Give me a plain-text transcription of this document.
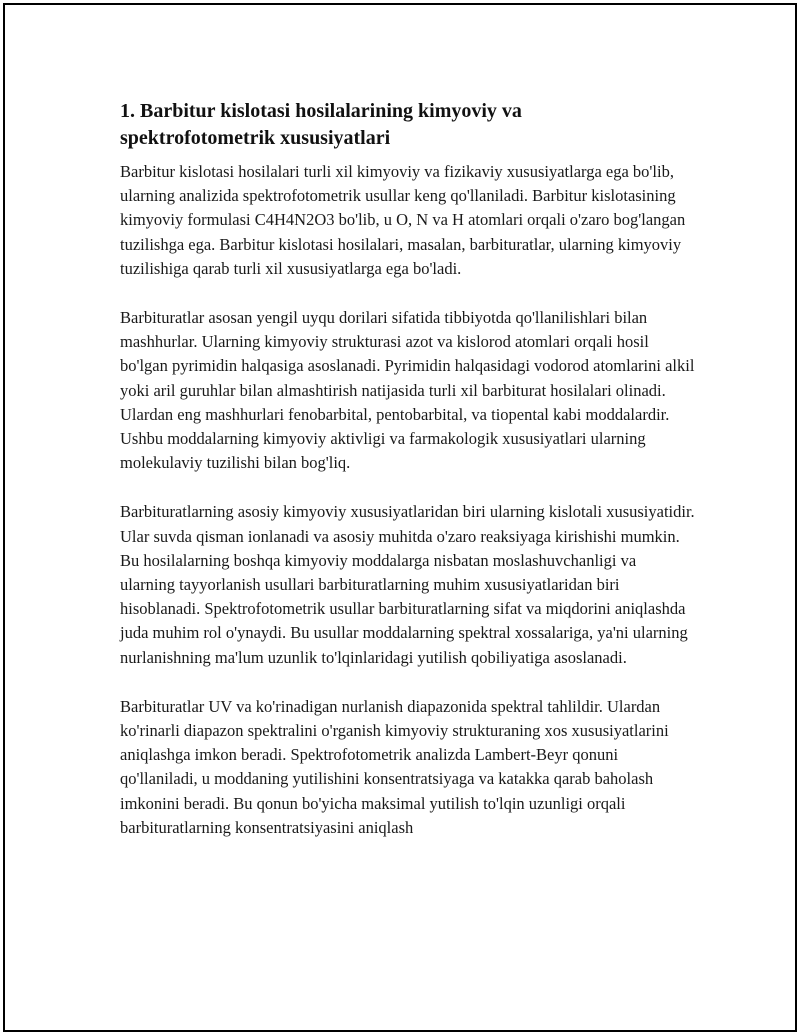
1. Barbitur kislotasi hosilalarining kimyoviy va spektrofotometrik xususiyatlari

Barbitur kislotasi hosilalari turli xil kimyoviy va fizikaviy xususiyatlarga ega bo'lib, ularning analizida spektrofotometrik usullar keng qo'llaniladi. Barbitur kislotasining kimyoviy formulasi C4H4N2O3 bo'lib, u O, N va H atomlari orqali o'zaro bog'langan tuzilishga ega. Barbitur kislotasi hosilalari, masalan, barbituratlar, ularning kimyoviy tuzilishiga qarab turli xil xususiyatlarga ega bo'ladi.

Barbituratlar asosan yengil uyqu dorilari sifatida tibbiyotda qo'llanilishlari bilan mashhurlar. Ularning kimyoviy strukturasi azot va kislorod atomlari orqali hosil bo'lgan pyrimidin halqasiga asoslanadi. Pyrimidin halqasidagi vodorod atomlarini alkil yoki aril guruhlar bilan almashtirish natijasida turli xil barbiturat hosilalari olinadi. Ulardan eng mashhurlari fenobarbital, pentobarbital, va tiopental kabi moddalardir. Ushbu moddalarning kimyoviy aktivligi va farmakologik xususiyatlari ularning molekulaviy tuzilishi bilan bog'liq.

Barbituratlarning asosiy kimyoviy xususiyatlaridan biri ularning kislotali xususiyatidir. Ular suvda qisman ionlanadi va asosiy muhitda o'zaro reaksiyaga kirishishi mumkin. Bu hosilalarning boshqa kimyoviy moddalarga nisbatan moslashuvchanligi va ularning tayyorlanish usullari barbituratlarning muhim xususiyatlaridan biri hisoblanadi. Spektrofotometrik usullar barbituratlarning sifat va miqdorini aniqlashda juda muhim rol o'ynaydi. Bu usullar moddalarning spektral xossalariga, ya'ni ularning nurlanishning ma'lum uzunlik to'lqinlaridagi yutilish qobiliyatiga asoslanadi.

Barbituratlar UV va ko'rinadigan nurlanish diapazonida spektral tahlildir. Ulardan ko'rinarli diapazon spektralini o'rganish kimyoviy strukturaning xos xususiyatlarini aniqlashga imkon beradi. Spektrofotometrik analizda Lambert-Beyr qonuni qo'llaniladi, u moddaning yutilishini konsentratsiyaga va katakka qarab baholash imkonini beradi. Bu qonun bo'yicha maksimal yutilish to'lqin uzunligi orqali barbituratlarning konsentratsiyasini aniqlash
